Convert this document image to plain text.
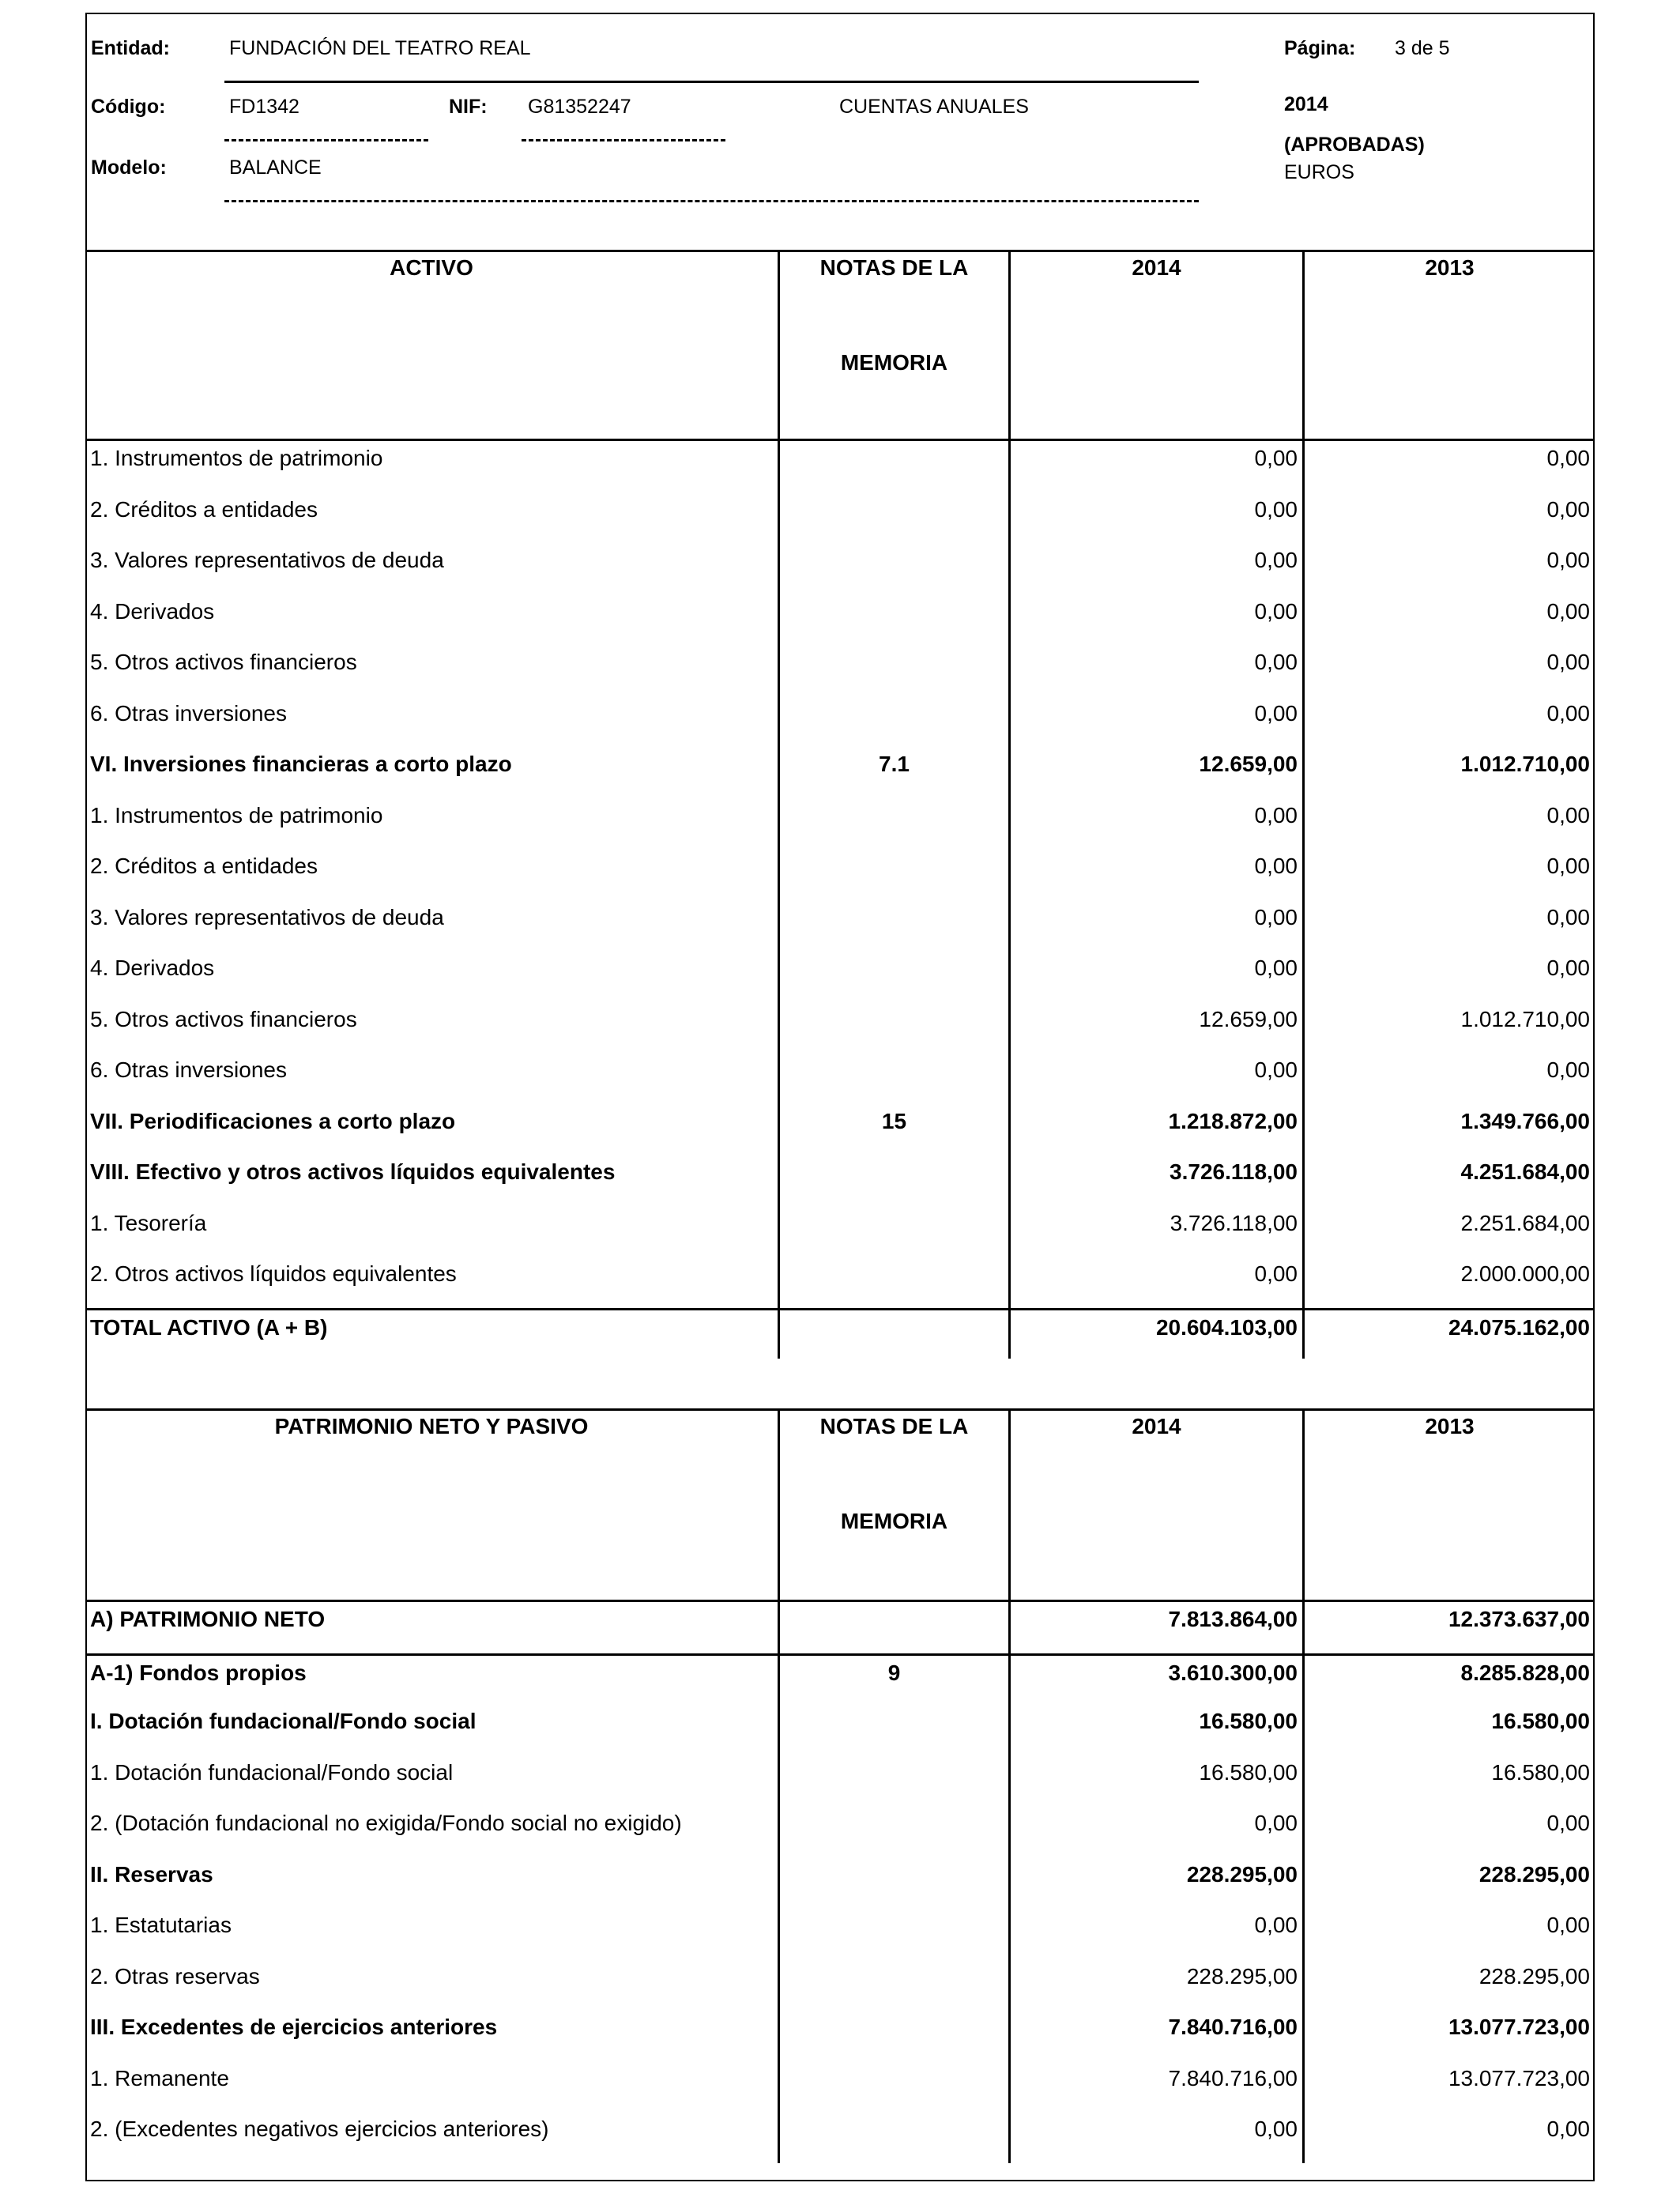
Entidad:	FUNDACIÓN DEL TEATRO REAL	Página: 3 de 5
Código:	FD1342	NIF: G81352247	CUENTAS ANUALES	2014
(APROBADAS)
Modelo:	BALANCE	EUROS
ACTIVO	NOTAS DE LA
MEMORIA
2014	2013
1. Instrumentos de patrimonio	0,00	0,00
2. Créditos a entidades	0,00	0,00
3. Valores representativos de deuda	0,00	0,00
4. Derivados	0,00	0,00
5. Otros activos financieros	0,00	0,00
6. Otras inversiones	0,00	0,00
VI. Inversiones financieras a corto plazo	7.1	12.659,00	1.012.710,00
1. Instrumentos de patrimonio	0,00	0,00
2. Créditos a entidades	0,00	0,00
3. Valores representativos de deuda	0,00	0,00
4. Derivados	0,00	0,00
5. Otros activos financieros	12.659,00	1.012.710,00
6. Otras inversiones	0,00	0,00
VII. Periodificaciones a corto plazo	15	1.218.872,00	1.349.766,00
VIII. Efectivo y otros activos líquidos equivalentes	3.726.118,00	4.251.684,00
1. Tesorería	3.726.118,00	2.251.684,00
2. Otros activos líquidos equivalentes	0,00	2.000.000,00
TOTAL ACTIVO (A + B)	20.604.103,00	24.075.162,00
PATRIMONIO NETO Y PASIVO	NOTAS DE LA
MEMORIA
2014	2013
A) PATRIMONIO NETO	7.813.864,00	12.373.637,00
A-1) Fondos propios	9	3.610.300,00	8.285.828,00
I. Dotación fundacional/Fondo social	16.580,00	16.580,00
1. Dotación fundacional/Fondo social	16.580,00	16.580,00
2. (Dotación fundacional no exigida/Fondo social no exigido)	0,00	0,00
II. Reservas	228.295,00	228.295,00
1. Estatutarias	0,00	0,00
2. Otras reservas	228.295,00	228.295,00
III. Excedentes de ejercicios anteriores	7.840.716,00	13.077.723,00
1. Remanente	7.840.716,00	13.077.723,00
2. (Excedentes negativos ejercicios anteriores)	0,00	0,00
